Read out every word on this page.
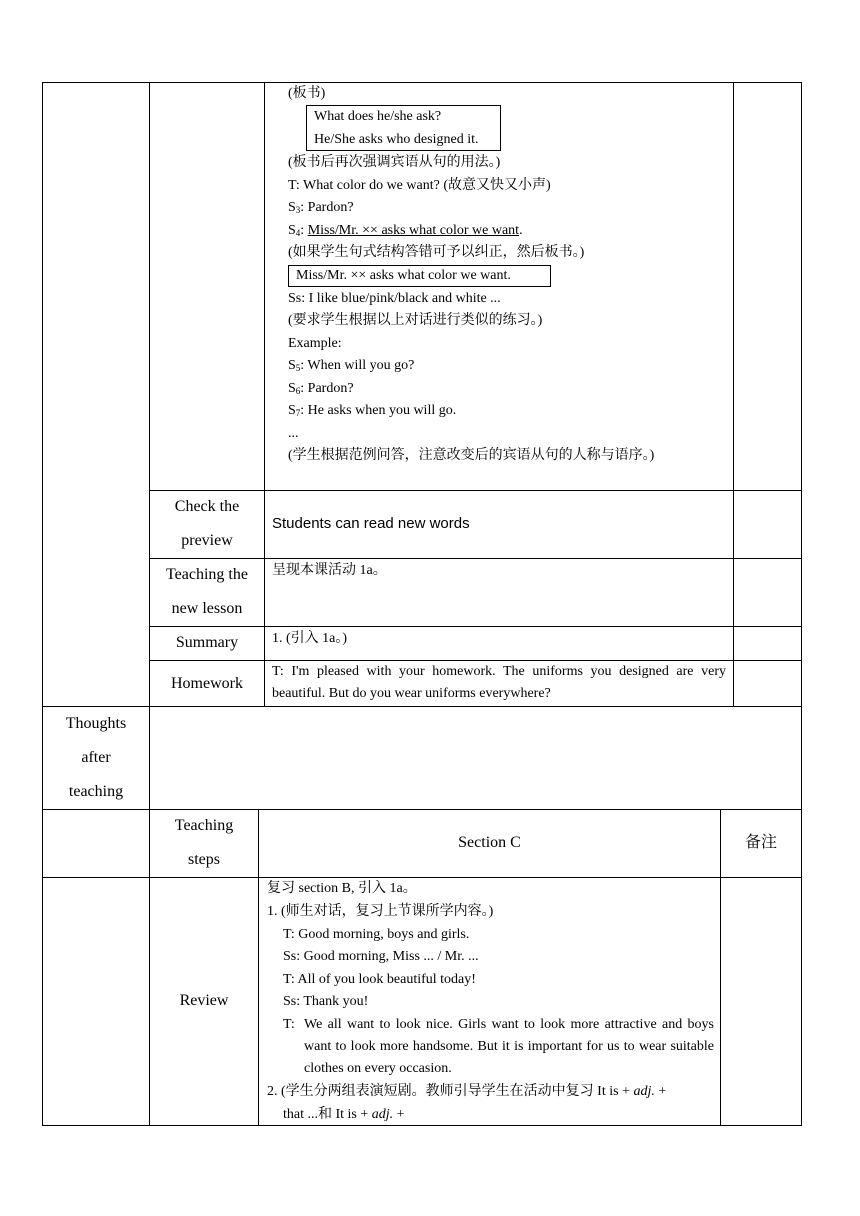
(板书)
What does he/she ask?
He/She asks who designed it.
(板书后再次强调宾语从句的用法。)
T: What color do we want? (故意又快又小声)
$S_3$: Pardon?
$S_4$: Miss/Mr. ×× asks what color we want.
(如果学生句式结构答错可予以纠正，然后板书。)
Miss/Mr. ×× asks what color we want.
Ss: I like blue/pink/black and white ...
(要求学生根据以上对话进行类似的练习。)
Example:
$S_5$: When will you go?
$S_6$: Pardon?
$S_7$: He asks when you will go.
...
(学生根据范例问答，注意改变后的宾语从句的人称与语序。)
Check the
preview
Students can read new words
Teaching the
new lesson
呈现本课活动 1a。
Summary	1. (引入 1a。)
Homework
T: I'm pleased with your homework. The uniforms you designed are very beautiful. But do you wear uniforms everywhere?
Thoughts
after
teaching
Teaching
steps
Section C	备注
Review
复习 section B, 引入 1a。
1. (师生对话，复习上节课所学内容。)
T: Good morning, boys and girls.
Ss: Good morning, Miss ... / Mr. ...
T: All of you look beautiful today!
Ss: Thank you!
T: We all want to look nice. Girls want to look more attractive and boys want to look more handsome. But it is important for us to wear suitable clothes on every occasion.
2. (学生分两组表演短剧。教师引导学生在活动中复习 It is + adj. +
that ...和 It is + adj. +
